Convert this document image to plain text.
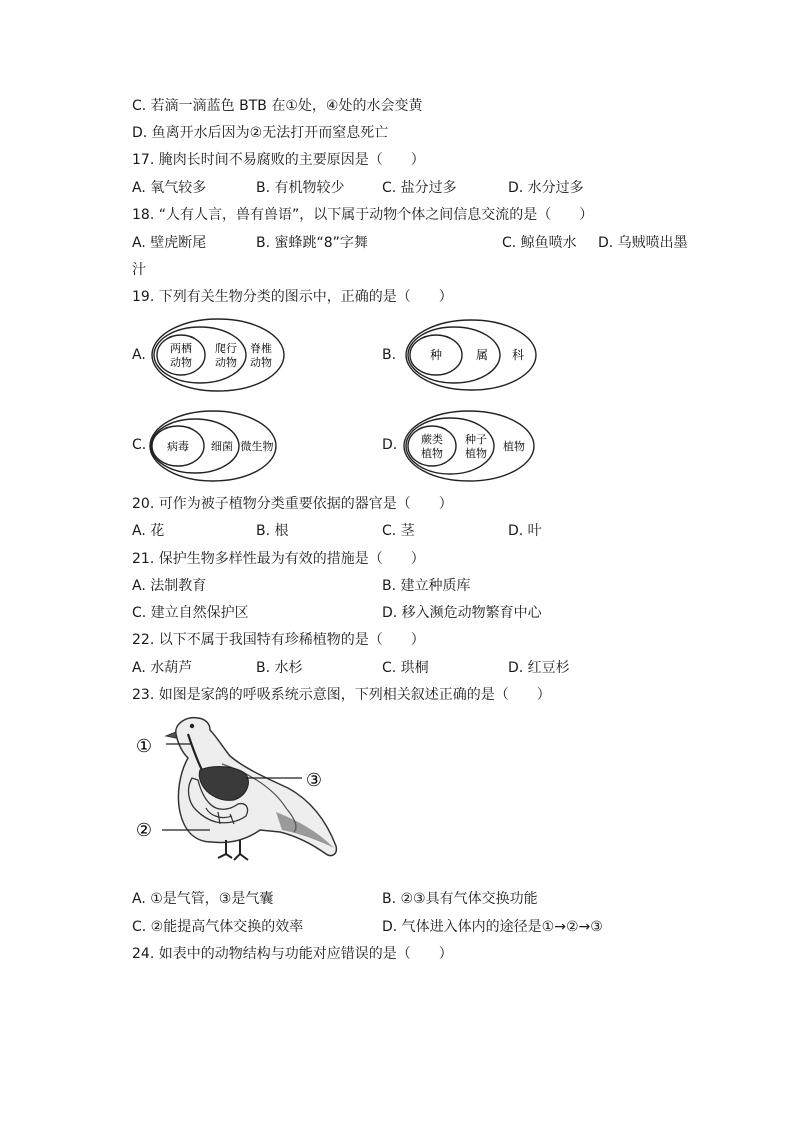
C. 若滴一滴蓝色 BTB 在①处，④处的水会变黄
D. 鱼离开水后因为②无法打开而窒息死亡
17. 腌肉长时间不易腐败的主要原因是（　　）
A. 氧气较多	B. 有机物较少	C. 盐分过多	D. 水分过多
18. “人有人言，兽有兽语”，以下属于动物个体之间信息交流的是（　　）
A. 壁虎断尾	B. 蜜蜂跳“8”字舞	C. 鲸鱼喷水 D. 乌贼喷出墨
汁
19. 下列有关生物分类的图示中，正确的是（　　）
A.	B.
C.	D.
两栖
动物
爬行
动物
脊椎
动物
种	属 科
病毒 细菌 微生物
蕨类
植物
种子
植物
植物
20. 可作为被子植物分类重要依据的器官是（　　）
A. 花	B. 根	C. 茎	D. 叶
21. 保护生物多样性最为有效的措施是（　　）
A. 法制教育	B. 建立种质库
C. 建立自然保护区	D. 移入濒危动物繁育中心
22. 以下不属于我国特有珍稀植物的是（　　）
A. 水葫芦	B. 水杉	C. 珙桐	D. 红豆杉
23. 如图是家鸽的呼吸系统示意图，下列相关叙述正确的是（　　）
①
②
③
A. ①是气管，③是气囊	B. ②③具有气体交换功能
C. ②能提高气体交换的效率	D. 气体进入体内的途径是①→②→③
24. 如表中的动物结构与功能对应错误的是（　　）
